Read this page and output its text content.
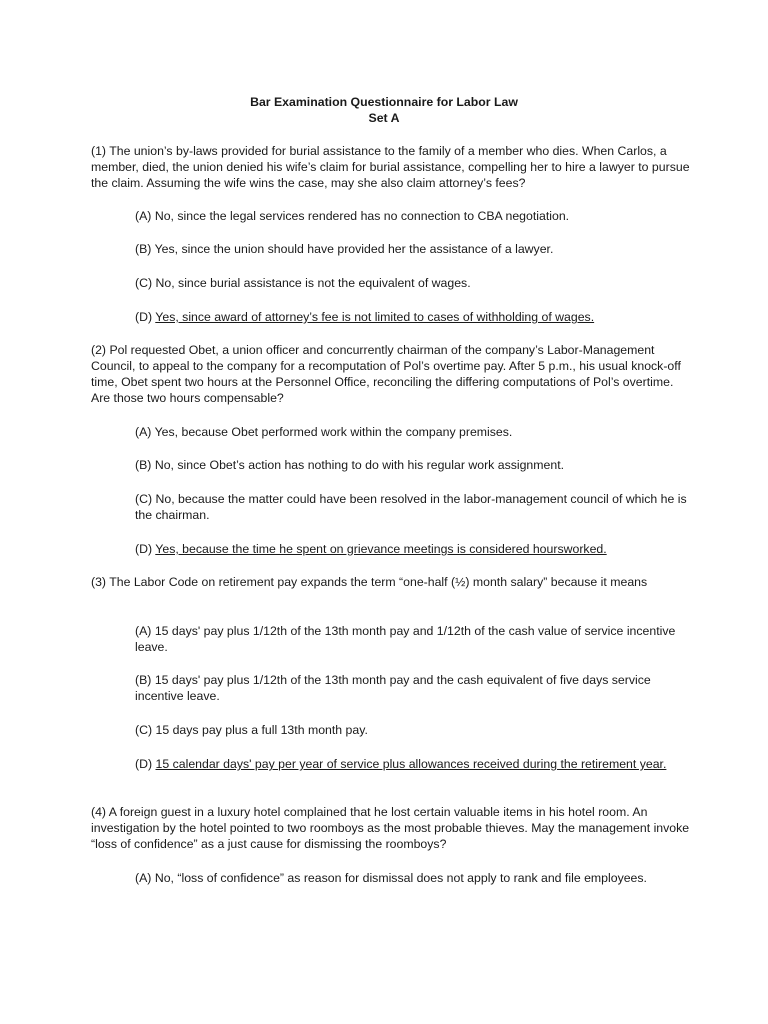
Bar Examination Questionnaire for Labor Law
Set A

(1) The union’s by-laws provided for burial assistance to the family of a member who dies. When Carlos, a member, died, the union denied his wife’s claim for burial assistance, compelling her to hire a lawyer to pursue the claim. Assuming the wife wins the case, may she also claim attorney’s fees?

(A) No, since the legal services rendered has no connection to CBA negotiation.
(B) Yes, since the union should have provided her the assistance of a lawyer.
(C) No, since burial assistance is not the equivalent of wages.
(D) Yes, since award of attorney’s fee is not limited to cases of withholding of wages.

(2) Pol requested Obet, a union officer and concurrently chairman of the company’s Labor-Management Council, to appeal to the company for a recomputation of Pol’s overtime pay. After 5 p.m., his usual knock-off time, Obet spent two hours at the Personnel Office, reconciling the differing computations of Pol’s overtime. Are those two hours compensable?

(A) Yes, because Obet performed work within the company premises.
(B) No, since Obet’s action has nothing to do with his regular work assignment.
(C) No, because the matter could have been resolved in the labor-management council of which he is the chairman.
(D) Yes, because the time he spent on grievance meetings is considered hoursworked.

(3) The Labor Code on retirement pay expands the term “one-half (½) month salary” because it means

(A) 15 days' pay plus 1/12th of the 13th month pay and 1/12th of the cash value of service incentive leave.
(B) 15 days' pay plus 1/12th of the 13th month pay and the cash equivalent of five days service incentive leave.
(C) 15 days pay plus a full 13th month pay.
(D) 15 calendar days' pay per year of service plus allowances received during the retirement year.

(4) A foreign guest in a luxury hotel complained that he lost certain valuable items in his hotel room. An investigation by the hotel pointed to two roomboys as the most probable thieves. May the management invoke “loss of confidence” as a just cause for dismissing the roomboys?

(A) No, “loss of confidence” as reason for dismissal does not apply to rank and file employees.
